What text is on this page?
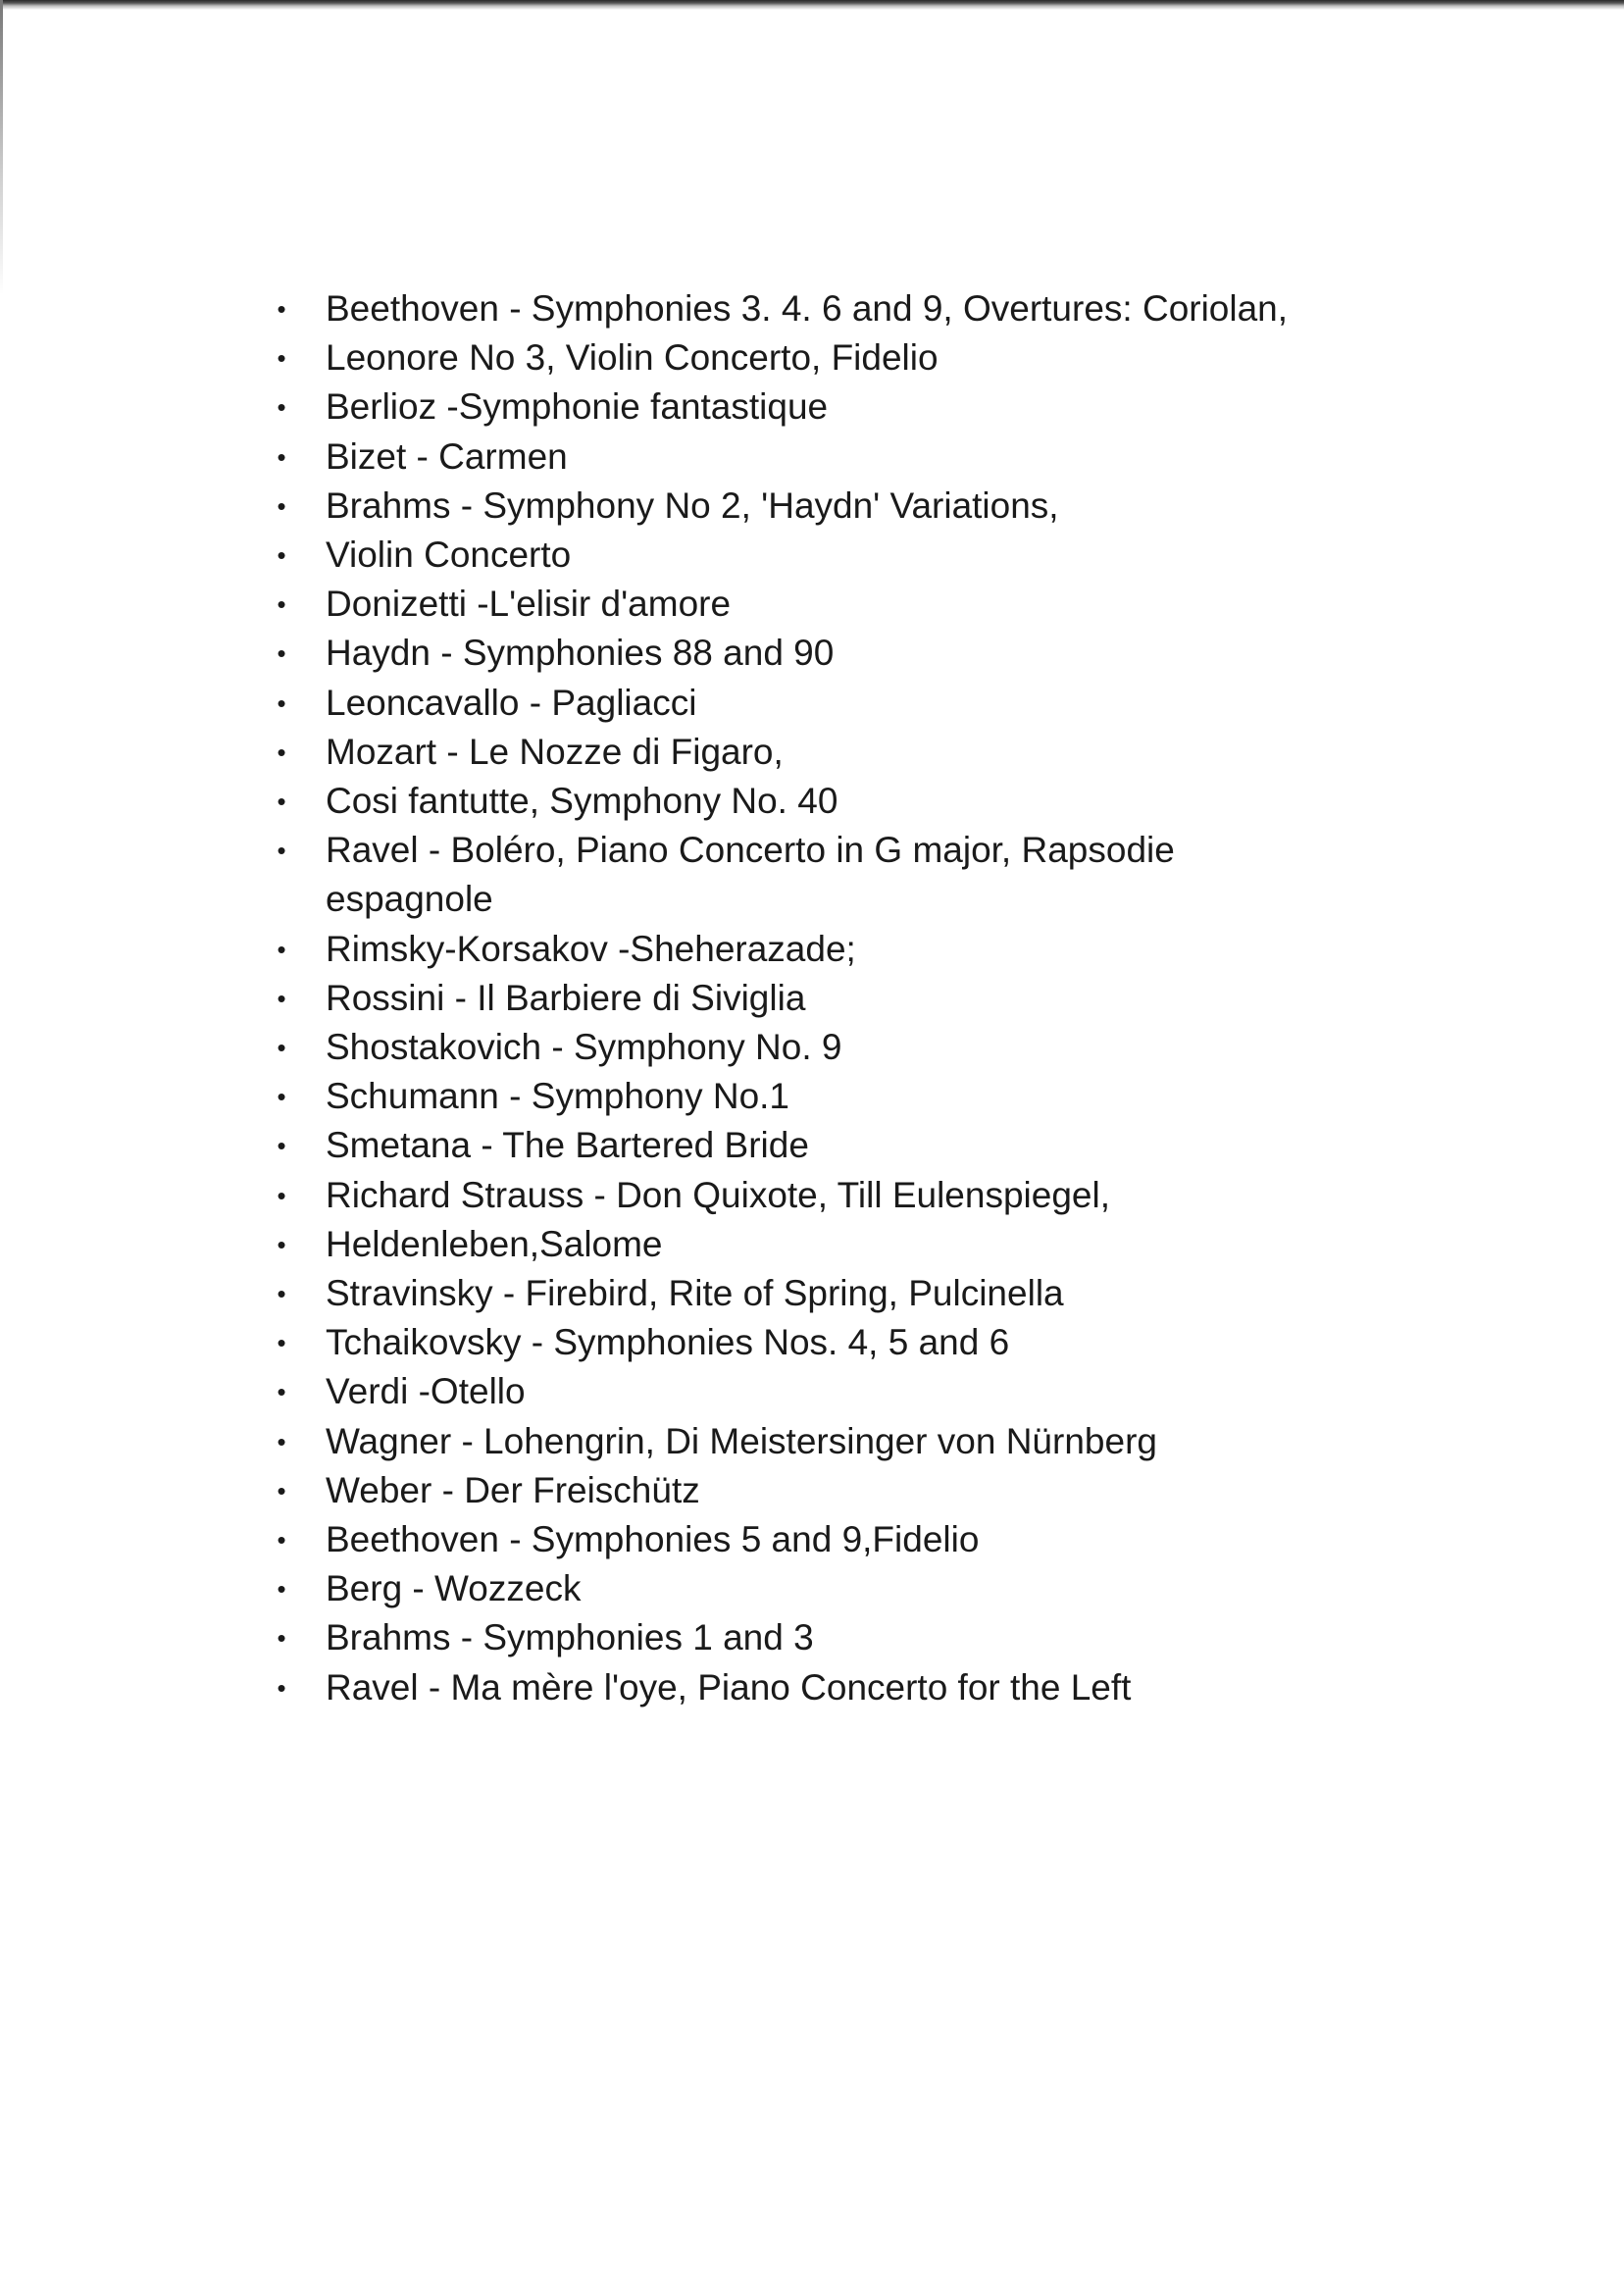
• Beethoven - Symphonies 3. 4. 6 and 9, Overtures: Coriolan,
• Leonore No 3, Violin Concerto, Fidelio
• Berlioz -Symphonie fantastique
• Bizet - Carmen
• Brahms - Symphony No 2, 'Haydn' Variations,
• Violin Concerto
• Donizetti -L'elisir d'amore
• Haydn - Symphonies 88 and 90
• Leoncavallo - Pagliacci
• Mozart - Le Nozze di Figaro,
• Cosi fantutte, Symphony No. 40
• Ravel - Boléro, Piano Concerto in G major, Rapsodie espagnole
• Rimsky-Korsakov -Sheherazade;
• Rossini - Il Barbiere di Siviglia
• Shostakovich - Symphony No. 9
• Schumann - Symphony No.1
• Smetana - The Bartered Bride
• Richard Strauss - Don Quixote, Till Eulenspiegel,
• Heldenleben,Salome
• Stravinsky - Firebird, Rite of Spring, Pulcinella
• Tchaikovsky - Symphonies Nos. 4, 5 and 6
• Verdi -Otello
• Wagner - Lohengrin, Di Meistersinger von Nürnberg
• Weber - Der Freischütz
• Beethoven - Symphonies 5 and 9,Fidelio
• Berg - Wozzeck
• Brahms - Symphonies 1 and 3
• Ravel - Ma mère l'oye, Piano Concerto for the Left
